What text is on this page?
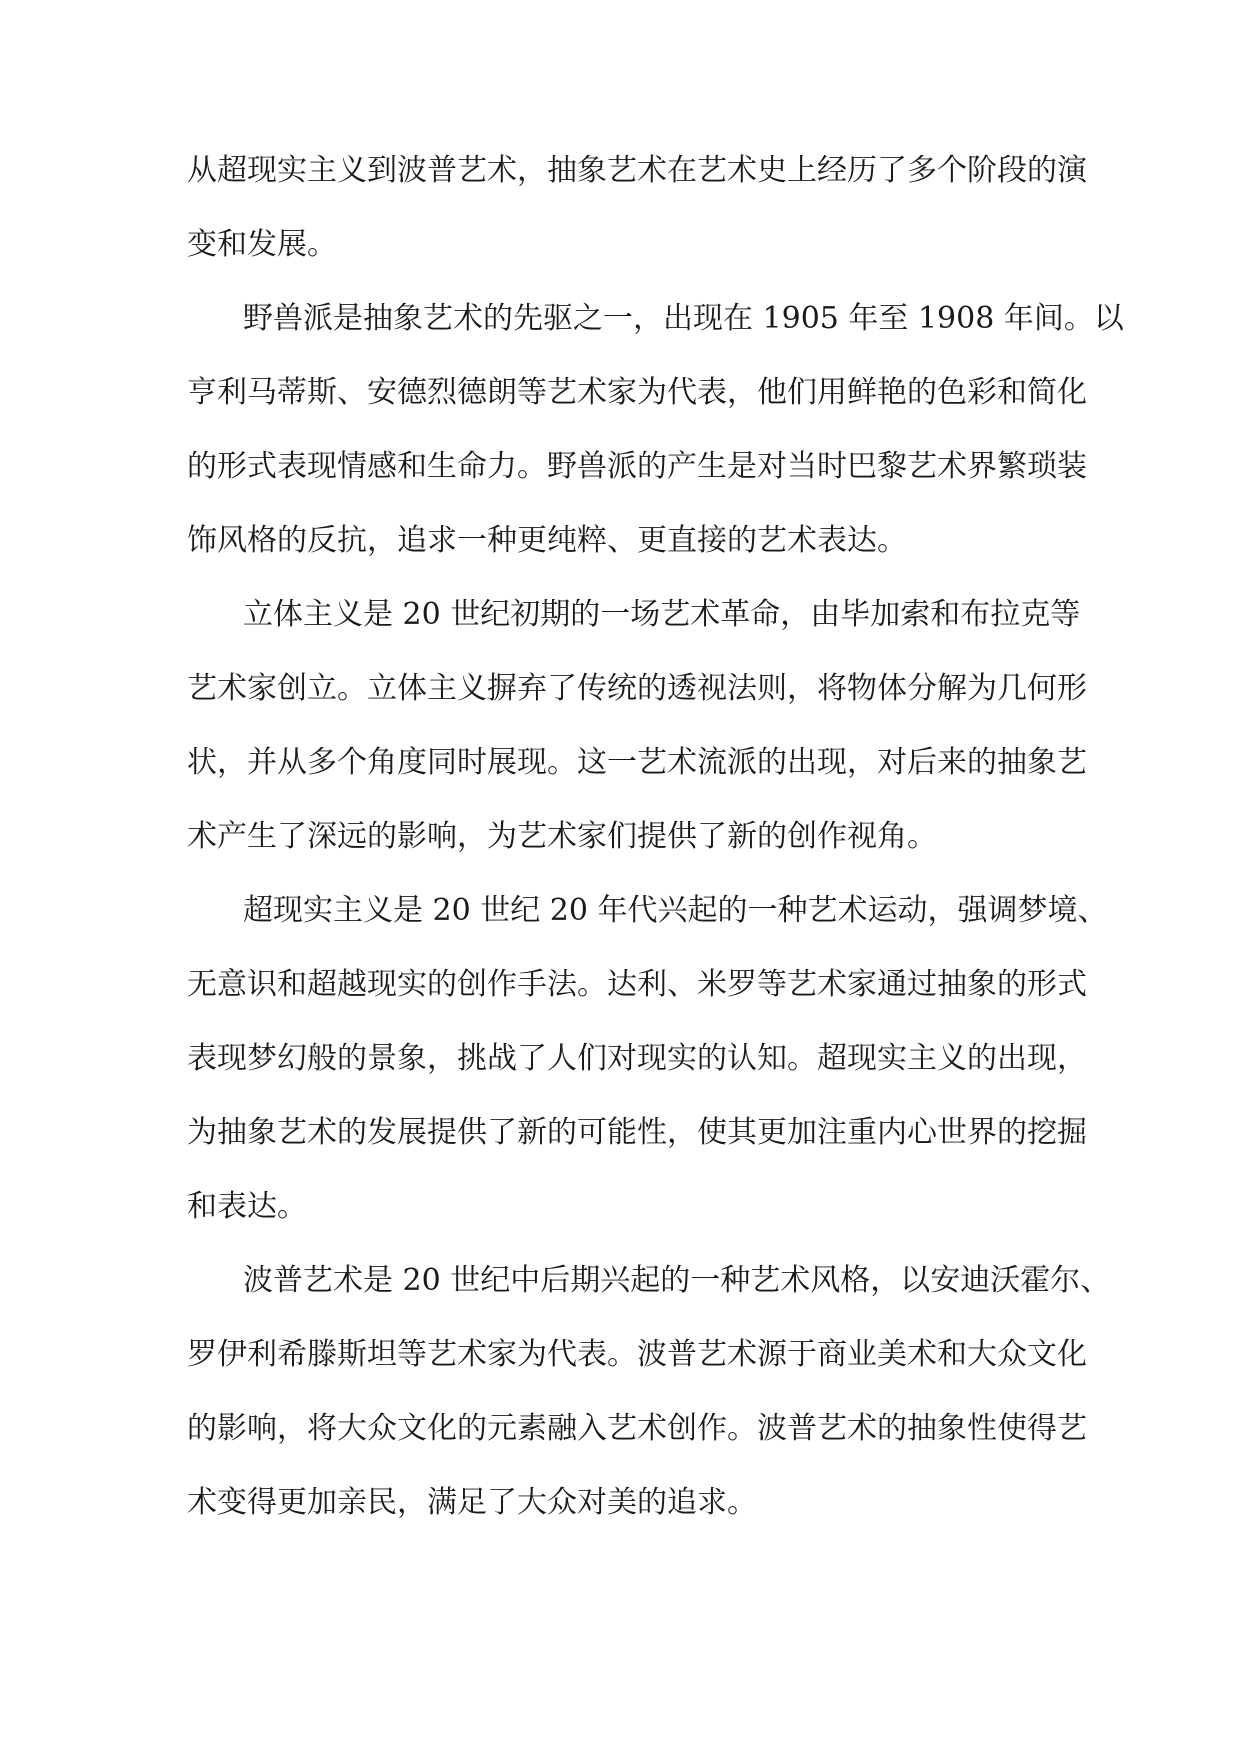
从超现实主义到波普艺术，抽象艺术在艺术史上经历了多个阶段的演
变和发展。
野兽派是抽象艺术的先驱之一，出现在 1905 年至 1908 年间。以
亨利马蒂斯、安德烈德朗等艺术家为代表，他们用鲜艳的色彩和简化
的形式表现情感和生命力。野兽派的产生是对当时巴黎艺术界繁琐装
饰风格的反抗，追求一种更纯粹、更直接的艺术表达。
立体主义是 20 世纪初期的一场艺术革命，由毕加索和布拉克等
艺术家创立。立体主义摒弃了传统的透视法则，将物体分解为几何形
状，并从多个角度同时展现。这一艺术流派的出现，对后来的抽象艺
术产生了深远的影响，为艺术家们提供了新的创作视角。
超现实主义是 20 世纪 20 年代兴起的一种艺术运动，强调梦境、
无意识和超越现实的创作手法。达利、米罗等艺术家通过抽象的形式
表现梦幻般的景象，挑战了人们对现实的认知。超现实主义的出现，
为抽象艺术的发展提供了新的可能性，使其更加注重内心世界的挖掘
和表达。
波普艺术是 20 世纪中后期兴起的一种艺术风格，以安迪沃霍尔、
罗伊利希滕斯坦等艺术家为代表。波普艺术源于商业美术和大众文化
的影响，将大众文化的元素融入艺术创作。波普艺术的抽象性使得艺
术变得更加亲民，满足了大众对美的追求。
